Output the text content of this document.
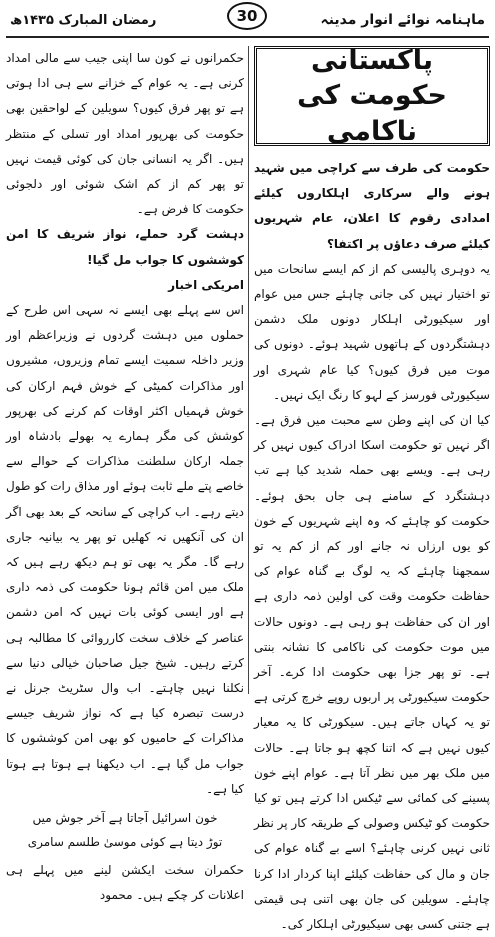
رمضان المبارک ۱۴۳۵ھ	ماہنامہ نوائے انوار مدینہ
30
پاکستانی حکومت کی ناکامی

حکومت کی طرف سے کراچی میں شہید ہونے والے سرکاری اہلکاروں کیلئے امدادی رقوم کا اعلان، عام شہریوں کیلئے صرف دعاؤں پر اکتفا؟

یہ دوہری پالیسی کم از کم ایسے سانحات میں تو اختیار نہیں کی جانی چاہئے جس میں عوام اور سیکیورٹی اہلکار دونوں ملک دشمن دہشتگردوں کے ہاتھوں شہید ہوئے۔ دونوں کی موت میں فرق کیوں؟ کیا عام شہری اور سیکیورٹی فورسز کے لہو کا رنگ ایک نہیں۔

کیا ان کی اپنے وطن سے محبت میں فرق ہے۔ اگر نہیں تو حکومت اسکا ادراک کیوں نہیں کر رہی ہے۔ ویسے بھی حملہ شدید کیا ہے تب دہشتگرد کے سامنے ہی جاں بحق ہوئے۔ حکومت کو چاہئے کہ وہ اپنے شہریوں کے خون کو یوں ارزاں نہ جانے اور کم از کم یہ تو سمجھنا چاہئے کہ یہ لوگ بے گناہ عوام کی حفاظت حکومت وقت کی اولین ذمہ داری ہے اور ان کی حفاظت ہو رہی ہے۔ دونوں حالات میں موت حکومت کی ناکامی کا نشانہ بنتی ہے۔ تو پھر جزا بھی حکومت ادا کرے۔ آخر حکومت سیکیورٹی پر اربوں روپے خرچ کرتی ہے تو یہ کہاں جاتے ہیں۔ سیکورٹی کا یہ معیار کیوں نہیں ہے کہ اتنا کچھ ہو جاتا ہے۔ حالات میں ملک بھر میں نظر آتا ہے۔ عوام اپنے خون پسینے کی کمائی سے ٹیکس ادا کرتے ہیں تو کیا حکومت کو ٹیکس وصولی کے طریقہ کار پر نظر ثانی نہیں کرنی چاہئے؟ اسے بے گناہ عوام کی جان و مال کی حفاظت کیلئے اپنا کردار ادا کرنا چاہئے۔ سویلین کی جان بھی اتنی ہی قیمتی ہے جتنی کسی بھی سیکیورٹی اہلکار کی۔

حکمرانوں نے کون سا اپنی جیب سے مالی امداد کرنی ہے۔ یہ عوام کے خزانے سے ہی ادا ہوتی ہے تو پھر فرق کیوں؟ سویلین کے لواحقین بھی حکومت کی بھرپور امداد اور تسلی کے منتظر ہیں۔ اگر یہ انسانی جان کی کوئی قیمت نہیں تو پھر کم از کم اشک شوئی اور دلجوئی حکومت کا فرض ہے۔

دہشت گرد حملے، نواز شریف کا امن کوششوں کا جواب مل گیا!

امریکی اخبار

اس سے پہلے بھی ایسے نہ سہی اس طرح کے حملوں میں دہشت گردوں نے وزیراعظم اور وزیر داخلہ سمیت ایسے تمام وزیروں، مشیروں اور مذاکرات کمیٹی کے خوش فہم ارکان کی خوش فہمیاں اکثر اوقات کم کرنے کی بھرپور کوشش کی مگر ہمارے یہ بھولے بادشاہ اور جملہ ارکان سلطنت مذاکرات کے حوالے سے خاصے پتے ملے ثابت ہوئے اور مذاق رات کو طول دیتے رہے۔ اب کراچی کے سانحہ کے بعد بھی اگر ان کی آنکھیں نہ کھلیں تو پھر یہ بیانیہ جاری رہے گا۔ مگر یہ بھی تو ہم دیکھ رہے ہیں کہ ملک میں امن قائم ہونا حکومت کی ذمہ داری ہے اور ایسی کوئی بات نہیں کہ امن دشمن عناصر کے خلاف سخت کارروائی کا مطالبہ ہی کرتے رہیں۔ شیخ جیل صاحبان خیالی دنیا سے نکلنا نہیں چاہتے۔ اب وال سٹریٹ جرنل نے درست تبصرہ کیا ہے کہ نواز شریف جیسے مذاکرات کے حامیوں کو بھی امن کوششوں کا جواب مل گیا ہے۔ اب دیکھنا ہے ہوتا ہے ہوتا کیا ہے۔

خون اسرائیل آجاتا ہے آخر جوش میں
توڑ دیتا ہے کوئی موسیٰ طلسم سامری

حکمران سخت ایکشن لینے میں پہلے ہی اعلانات کر چکے ہیں۔ محمود
